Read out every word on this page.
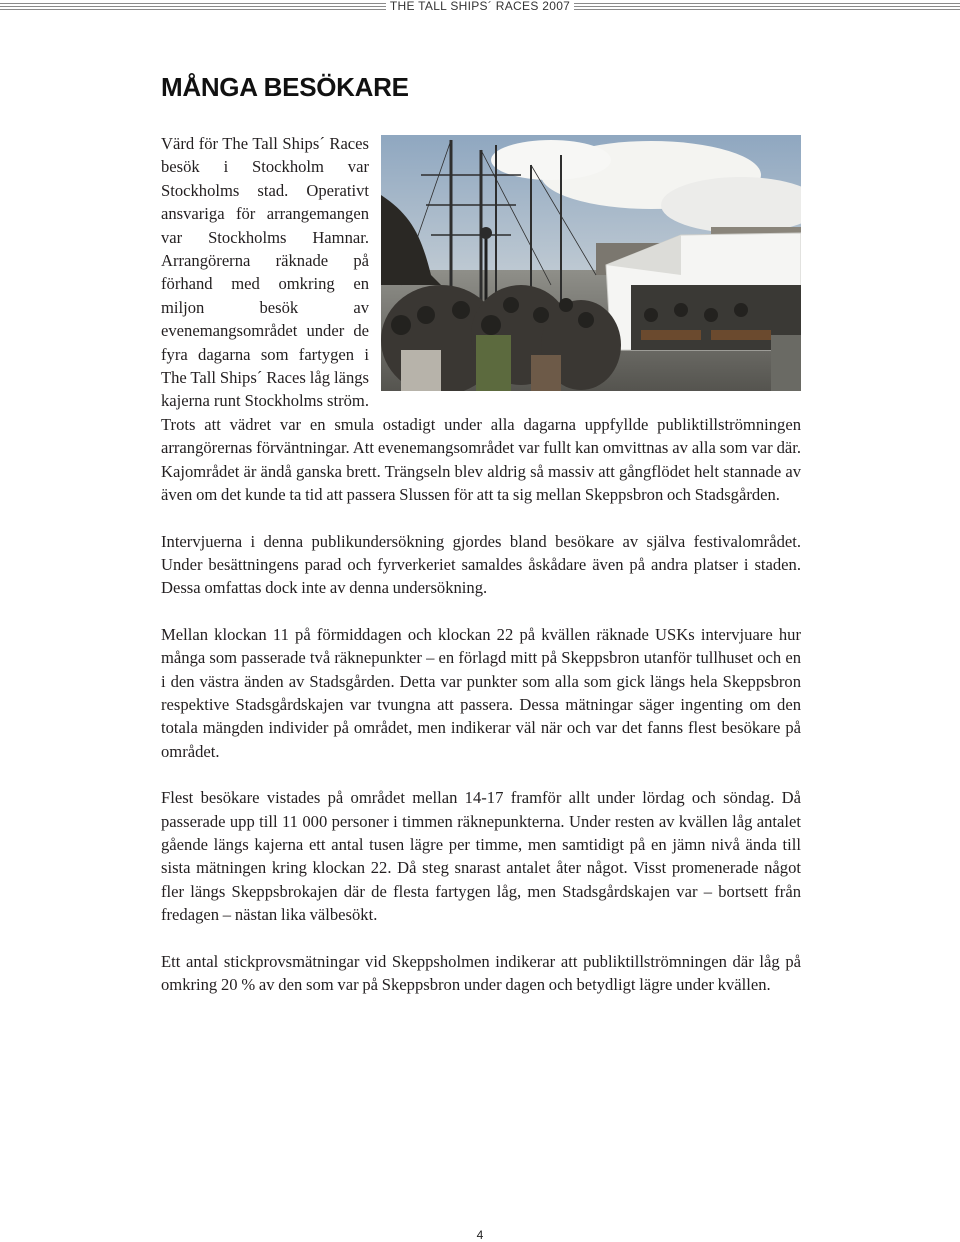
THE TALL SHIPS´ RACES 2007
MÅNGA BESÖKARE

Värd för The Tall Ships´ Races besök i Stockholm var Stockholms stad. Operativt ansvariga för arrangemangen var Stockholms Hamnar. Arrangörerna räknade på förhand med omkring en miljon besök av evenemangsområdet under de fyra dagarna som fartygen i The Tall Ships´ Races låg längs kajerna runt Stockholms ström. Trots att vädret var en smula ostadigt under alla dagarna uppfyllde publiktillströmningen arrangörernas förväntningar. Att evenemangsområdet var fullt kan omvittnas av alla som var där. Kajområdet är ändå ganska brett. Trängseln blev aldrig så massiv att gångflödet helt stannade av även om det kunde ta tid att passera Slussen för att ta sig mellan Skeppsbron och Stadsgården.

Intervjuerna i denna publikundersökning gjordes bland besökare av själva festivalområdet. Under besättningens parad och fyrverkeriet samaldes åskådare även på andra platser i staden. Dessa omfattas dock inte av denna undersökning.

Mellan klockan 11 på förmiddagen och klockan 22 på kvällen räknade USKs intervjuare hur många som passerade två räknepunkter – en förlagd mitt på Skeppsbron utanför tullhuset och en i den västra änden av Stadsgården. Detta var punkter som alla som gick längs hela Skeppsbron respektive Stadsgårdskajen var tvungna att passera. Dessa mätningar säger ingenting om den totala mängden individer på området, men indikerar väl när och var det fanns flest besökare på området.

Flest besökare vistades på området mellan 14-17 framför allt under lördag och söndag. Då passerade upp till 11 000 personer i timmen räknepunkterna. Under resten av kvällen låg antalet gående längs kajerna ett antal tusen lägre per timme, men samtidigt på en jämn nivå ända till sista mätningen kring klockan 22. Då steg snarast antalet åter något. Visst promenerade något fler längs Skeppsbrokajen där de flesta fartygen låg, men Stadsgårdskajen var – bortsett från fredagen – nästan lika välbesökt.

Ett antal stickprovsmätningar vid Skeppsholmen indikerar att publiktillströmningen där låg på omkring 20 % av den som var på Skeppsbron under dagen och betydligt lägre under kvällen.

4
